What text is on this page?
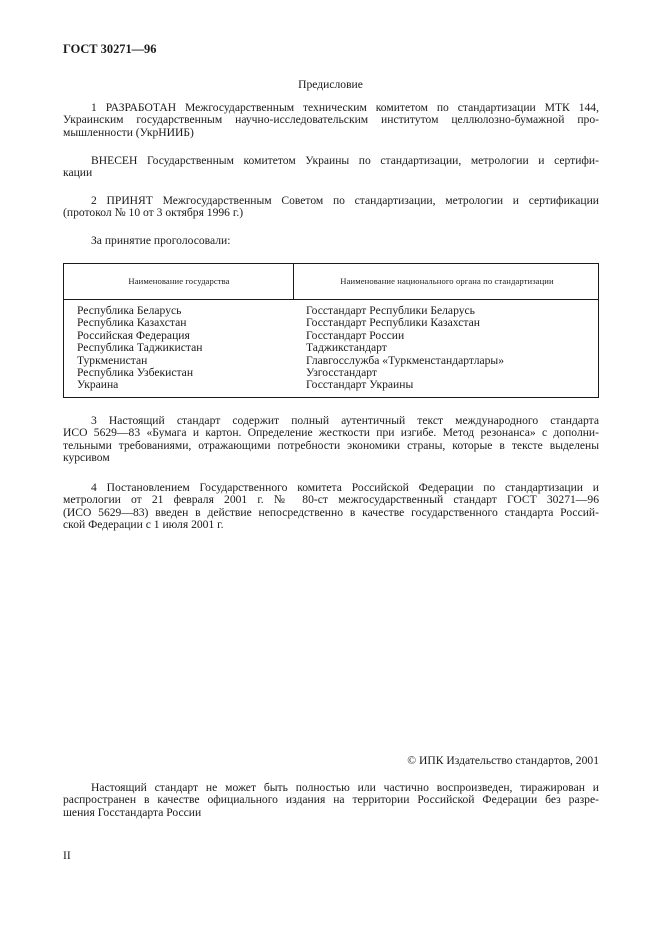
ГОСТ 30271—96
Предисловие
1 РАЗРАБОТАН Межгосударственным техническим комитетом по стандартизации МТК 144,
Украинским государственным научно-исследовательским институтом целлюлозно-бумажной про-
мышленности (УкрНИИБ)
ВНЕСЕН Государственным комитетом Украины по стандартизации, метрологии и сертифи-
кации
2 ПРИНЯТ Межгосударственным Советом по стандартизации, метрологии и сертификации
(протокол № 10 от 3 октября 1996 г.)
За принятие проголосовали:
Наименование государства	Наименование национального органа по стандартизации
Республика Беларусь
Республика Казахстан
Российская Федерация
Республика Таджикистан
Туркменистан
Республика Узбекистан
Украина
Госстандарт Республики Беларусь
Госстандарт Республики Казахстан
Госстандарт России
Таджикстандарт
Главгосслужба «Туркменстандартлары»
Узгосстандарт
Госстандарт Украины
3 Настоящий стандарт содержит полный аутентичный текст международного стандарта
ИСО 5629—83 «Бумага и картон. Определение жесткости при изгибе. Метод резонанса» с дополни-
тельными требованиями, отражающими потребности экономики страны, которые в тексте выделены
курсивом
4 Постановлением Государственного комитета Российской Федерации по стандартизации и
метрологии от 21 февраля 2001 г. № 80-ст межгосударственный стандарт ГОСТ 30271—96
(ИСО 5629—83) введен в действие непосредственно в качестве государственного стандарта Россий-
ской Федерации с 1 июля 2001 г.
© ИПК Издательство стандартов, 2001
Настоящий стандарт не может быть полностью или частично воспроизведен, тиражирован и
распространен в качестве официального издания на территории Российской Федерации без разре-
шения Госстандарта России
II
